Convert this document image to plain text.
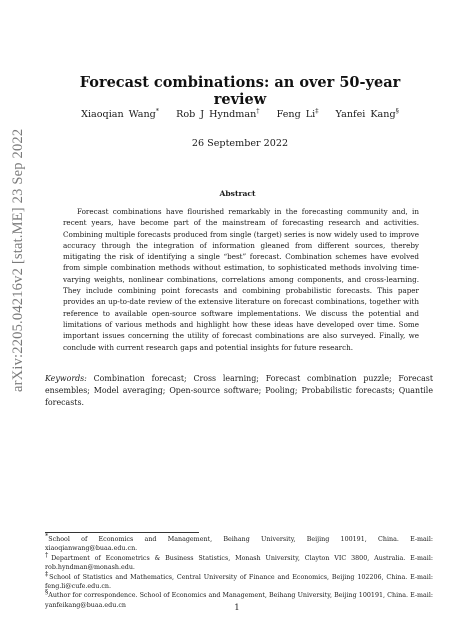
arXiv:2205.04216v2 [stat.ME] 23 Sep 2022
Forecast combinations: an over 50-year review
Xiaoqian Wang* Rob J Hyndman† Feng Li‡ Yanfei Kang§
26 September 2022
Abstract

Forecast combinations have flourished remarkably in the forecasting community and, in recent years, have become part of the mainstream of forecasting research and activities. Combining multiple forecasts produced from single (target) series is now widely used to improve accuracy through the integration of information gleaned from different sources, thereby mitigating the risk of identifying a single “best” forecast. Combination schemes have evolved from simple combination methods without estimation, to sophisticated methods involving time-varying weights, nonlinear combinations, correlations among components, and cross-learning. They include combining point forecasts and combining probabilistic forecasts. This paper provides an up-to-date review of the extensive literature on forecast combinations, together with reference to available open-source software implementations. We discuss the potential and limitations of various methods and highlight how these ideas have developed over time. Some important issues concerning the utility of forecast combinations are also surveyed. Finally, we conclude with current research gaps and potential insights for future research.

Keywords: Combination forecast; Cross learning; Forecast combination puzzle; Forecast ensembles; Model averaging; Open-source software; Pooling; Probabilistic forecasts; Quantile forecasts.

*School of Economics and Management, Beihang University, Beijing 100191, China. E-mail: xiaoqianwang@buaa.edu.cn.

†Department of Econometrics & Business Statistics, Monash University, Clayton VIC 3800, Australia. E-mail: rob.hyndman@monash.edu.

‡School of Statistics and Mathematics, Central University of Finance and Economics, Beijing 102206, China. E-mail: feng.li@cufe.edu.cn.

§Author for correspondence. School of Economics and Management, Beihang University, Beijing 100191, China. E-mail: yanfeikang@buaa.edu.cn	1
